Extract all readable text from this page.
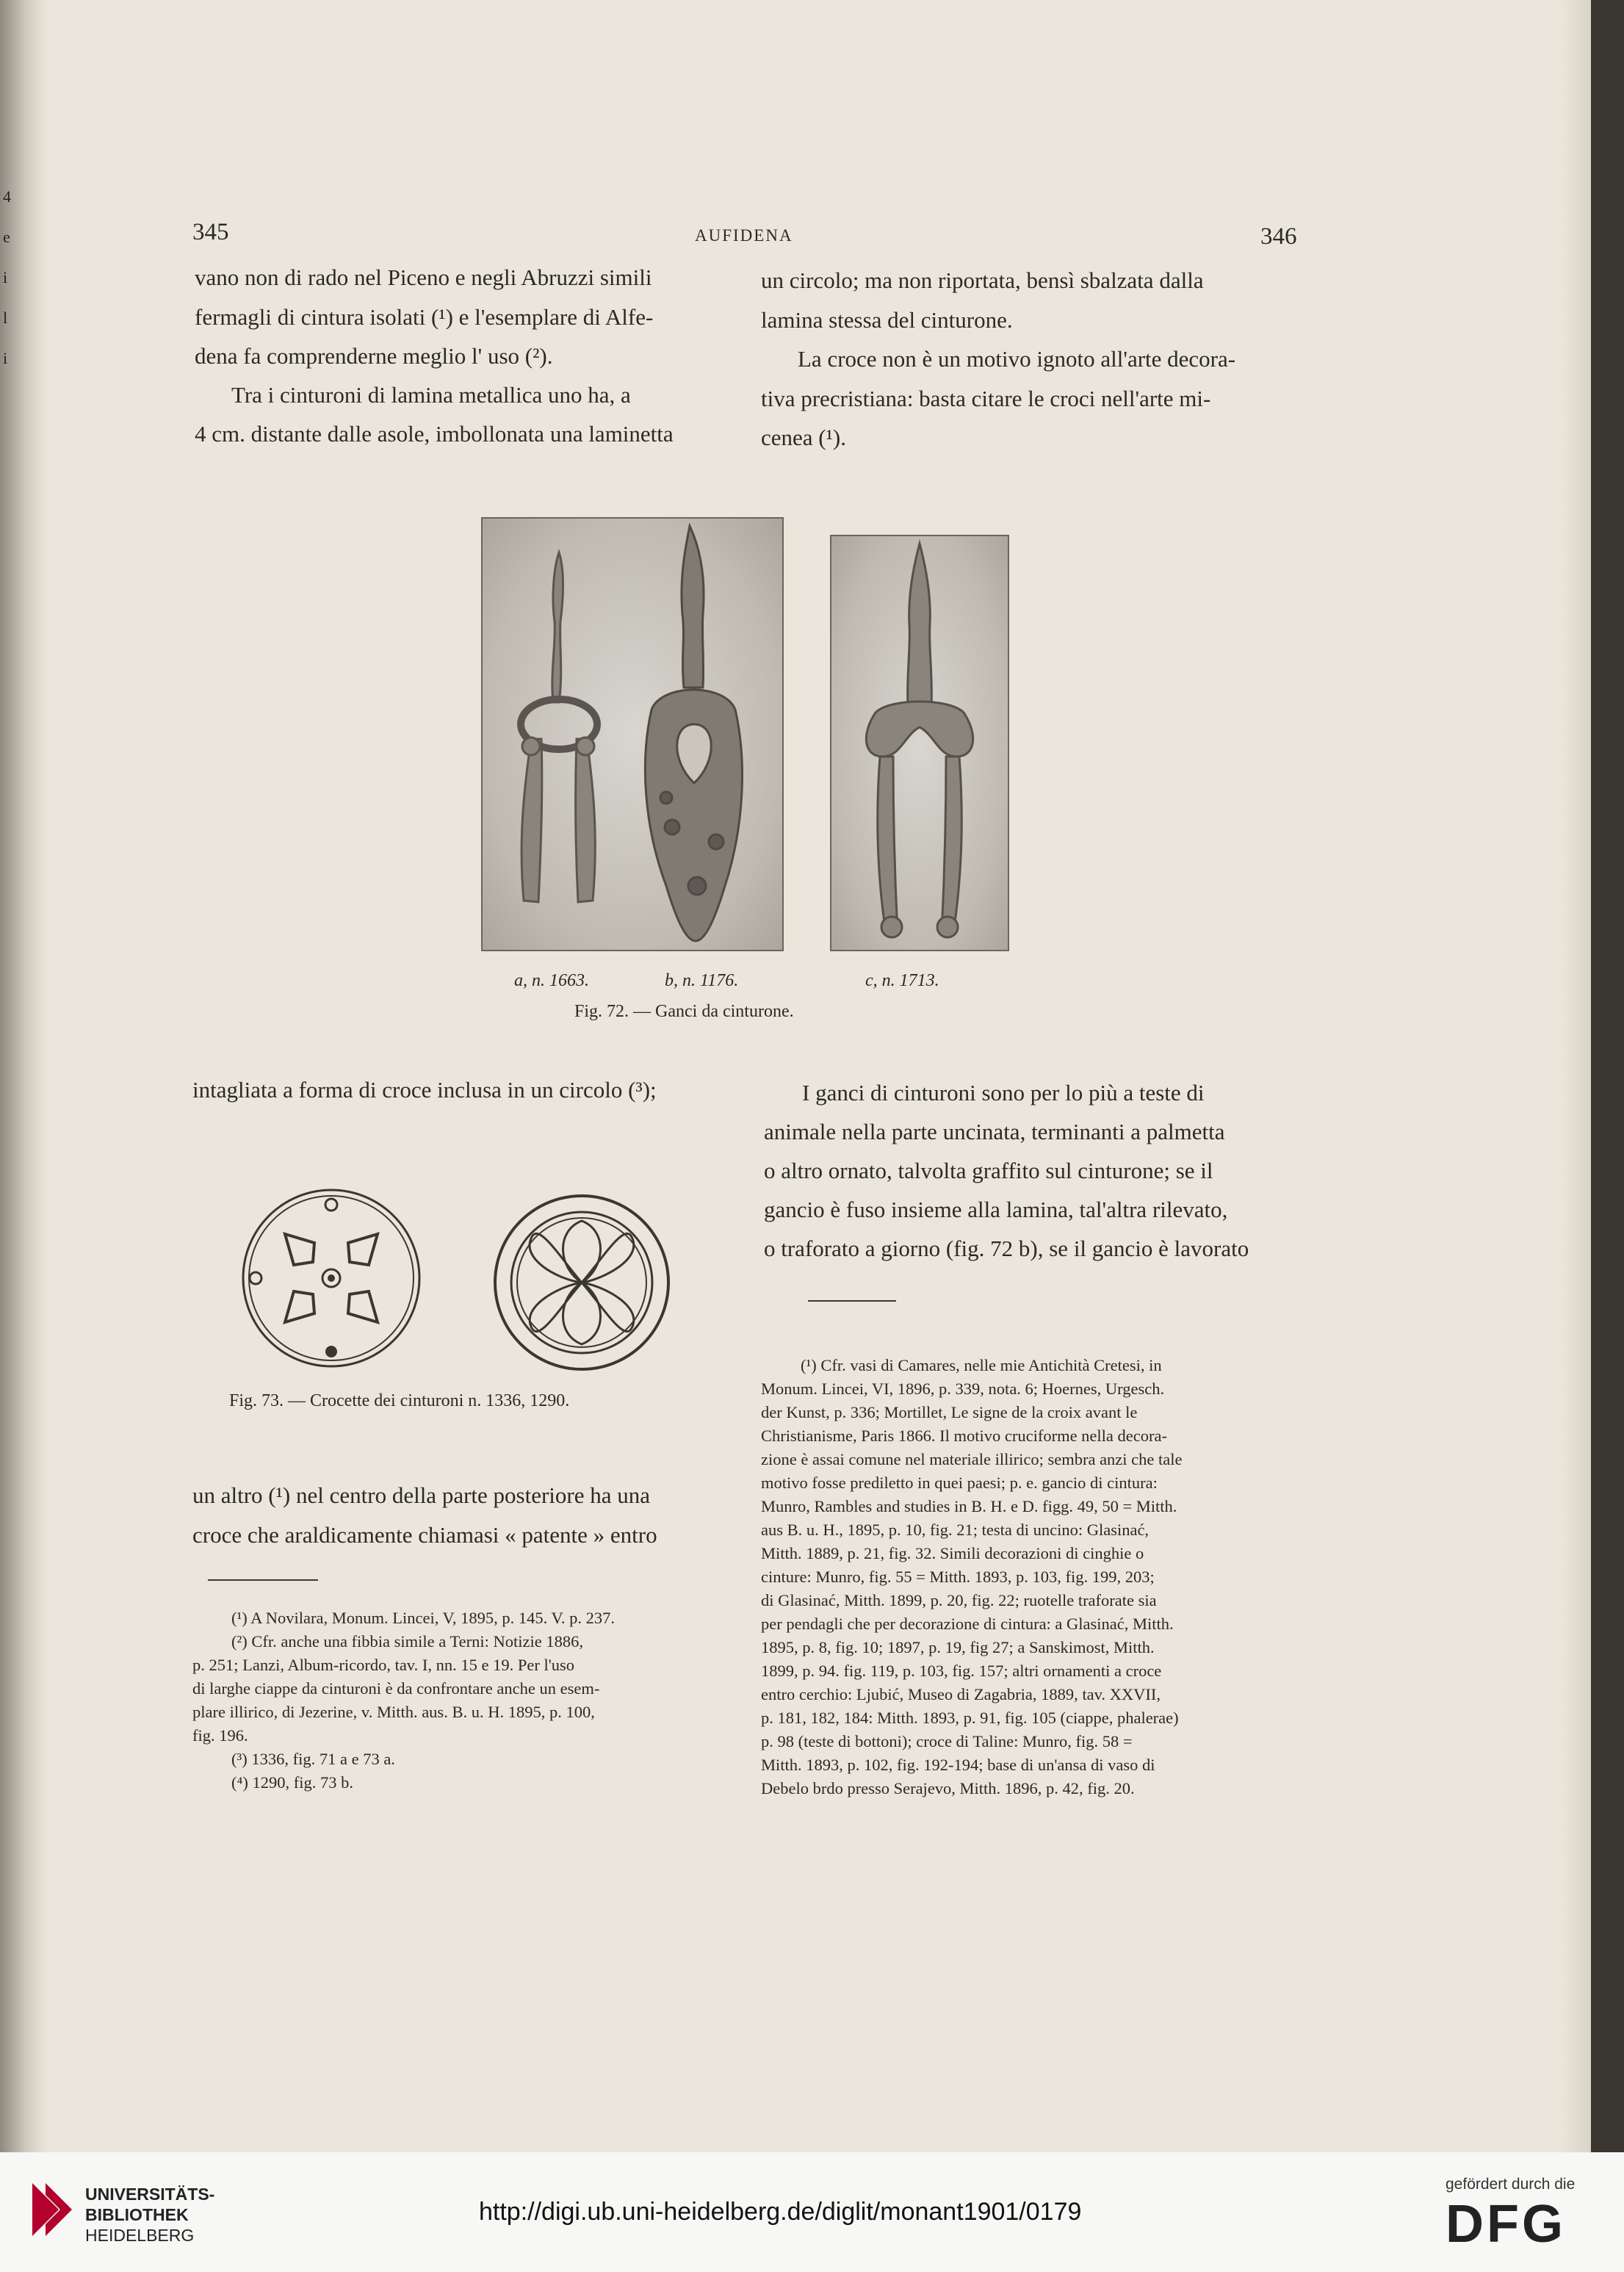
4
e
i
l
i
345	AUFIDENA	346
vano non di rado nel Piceno e negli Abruzzi simili
fermagli di cintura isolati (¹) e l'esemplare di Alfe-
dena fa comprenderne meglio l' uso (²).
Tra i cinturoni di lamina metallica uno ha, a
4 cm. distante dalle asole, imbollonata una laminetta
un circolo; ma non riportata, bensì sbalzata dalla
lamina stessa del cinturone.
La croce non è un motivo ignoto all'arte decora-
tiva precristiana: basta citare le croci nell'arte mi-
cenea (¹).
a, n. 1663.	b, n. 1176.	c, n. 1713.
Fig. 72. — Ganci da cinturone.
intagliata a forma di croce inclusa in un circolo (³);
Fig. 73. — Crocette dei cinturoni n. 1336, 1290.
un altro (¹) nel centro della parte posteriore ha una
croce che araldicamente chiamasi « patente » entro
(¹) A Novilara, Monum. Lincei, V, 1895, p. 145. V. p. 237.
(²) Cfr. anche una fibbia simile a Terni: Notizie 1886,
p. 251; Lanzi, Album-ricordo, tav. I, nn. 15 e 19. Per l'uso
di larghe ciappe da cinturoni è da confrontare anche un esem-
plare illirico, di Jezerine, v. Mitth. aus. B. u. H. 1895, p. 100,
fig. 196.
(³) 1336, fig. 71 a e 73 a.
(⁴) 1290, fig. 73 b.
I ganci di cinturoni sono per lo più a teste di
animale nella parte uncinata, terminanti a palmetta
o altro ornato, talvolta graffito sul cinturone; se il
gancio è fuso insieme alla lamina, tal'altra rilevato,
o traforato a giorno (fig. 72 b), se il gancio è lavorato
(¹) Cfr. vasi di Camares, nelle mie Antichità Cretesi, in
Monum. Lincei, VI, 1896, p. 339, nota. 6; Hoernes, Urgesch.
der Kunst, p. 336; Mortillet, Le signe de la croix avant le
Christianisme, Paris 1866. Il motivo cruciforme nella decora-
zione è assai comune nel materiale illirico; sembra anzi che tale
motivo fosse prediletto in quei paesi; p. e. gancio di cintura:
Munro, Rambles and studies in B. H. e D. figg. 49, 50 = Mitth.
aus B. u. H., 1895, p. 10, fig. 21; testa di uncino: Glasinać,
Mitth. 1889, p. 21, fig. 32. Simili decorazioni di cinghie o
cinture: Munro, fig. 55 = Mitth. 1893, p. 103, fig. 199, 203;
di Glasinać, Mitth. 1899, p. 20, fig. 22; ruotelle traforate sia
per pendagli che per decorazione di cintura: a Glasinać, Mitth.
1895, p. 8, fig. 10; 1897, p. 19, fig 27; a Sanskimost, Mitth.
1899, p. 94. fig. 119, p. 103, fig. 157; altri ornamenti a croce
entro cerchio: Ljubić, Museo di Zagabria, 1889, tav. XXVII,
p. 181, 182, 184: Mitth. 1893, p. 91, fig. 105 (ciappe, phalerae)
p. 98 (teste di bottoni); croce di Taline: Munro, fig. 58 =
Mitth. 1893, p. 102, fig. 192-194; base di un'ansa di vaso di
Debelo brdo presso Serajevo, Mitth. 1896, p. 42, fig. 20.
UNIVERSITÄTS-
BIBLIOTHEK
HEIDELBERG
http://digi.ub.uni-heidelberg.de/diglit/monant1901/0179
gefördert durch die
DFG
